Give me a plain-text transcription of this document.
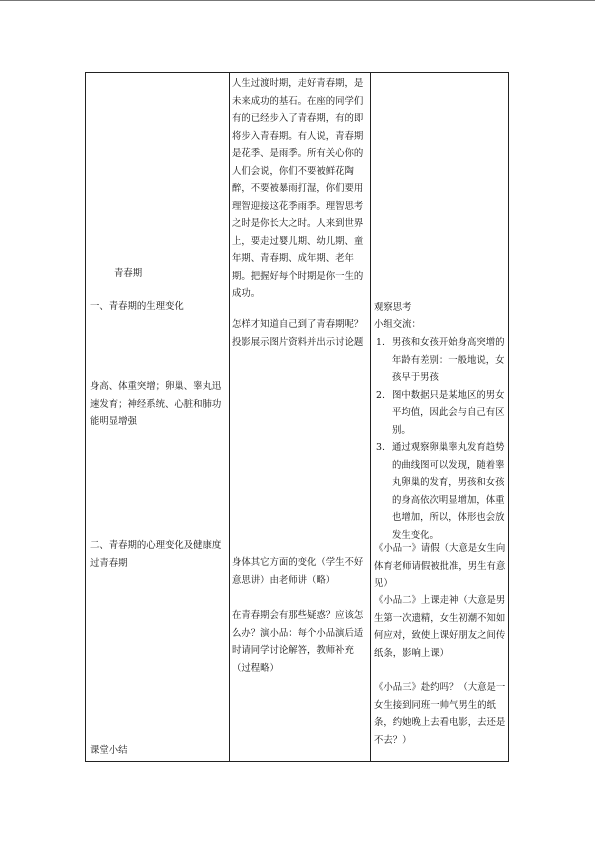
青春期
一、青春期的生理变化
身高、体重突增；卵巢、睾丸迅速发育；神经系统、心脏和肺功能明显增强
二、青春期的心理变化及健康度过青春期
课堂小结
人生过渡时期，走好青春期，是未来成功的基石。在座的同学们有的已经步入了青春期，有的即将步入青春期。有人说，青春期是花季、是雨季。所有关心你的人们会说，你们不要被鲜花陶醉，不要被暴雨打湿，你们要用理智迎接这花季雨季。理智思考之时是你长大之时。人来到世界上，要走过婴儿期、幼儿期、童年期、青春期、成年期、老年期。把握好每个时期是你一生的成功。
怎样才知道自己到了青春期呢？投影展示图片资料并出示讨论题
身体其它方面的变化（学生不好意思讲）由老师讲（略）
在青春期会有那些疑惑？应该怎么办？演小品：每个小品演后适时请同学讨论解答，教师补充（过程略）
观察思考
小组交流：
1. 男孩和女孩开始身高突增的年龄有差别：一般地说，女孩早于男孩
2. 图中数据只是某地区的男女平均值，因此会与自己有区别。
3. 通过观察卵巢睾丸发育趋势的曲线图可以发现，随着睾丸卵巢的发育，男孩和女孩的身高依次明显增加，体重也增加，所以，体形也会放发生变化。
《小品一》请假（大意是女生向体育老师请假被批准，男生有意见）
《小品二》上课走神（大意是男生第一次遗精，女生初潮不知如何应对，致使上课好朋友之间传纸条，影响上课）
《小品三》赴约吗？（大意是一女生接到同班一帅气男生的纸条，约她晚上去看电影，去还是不去？）
